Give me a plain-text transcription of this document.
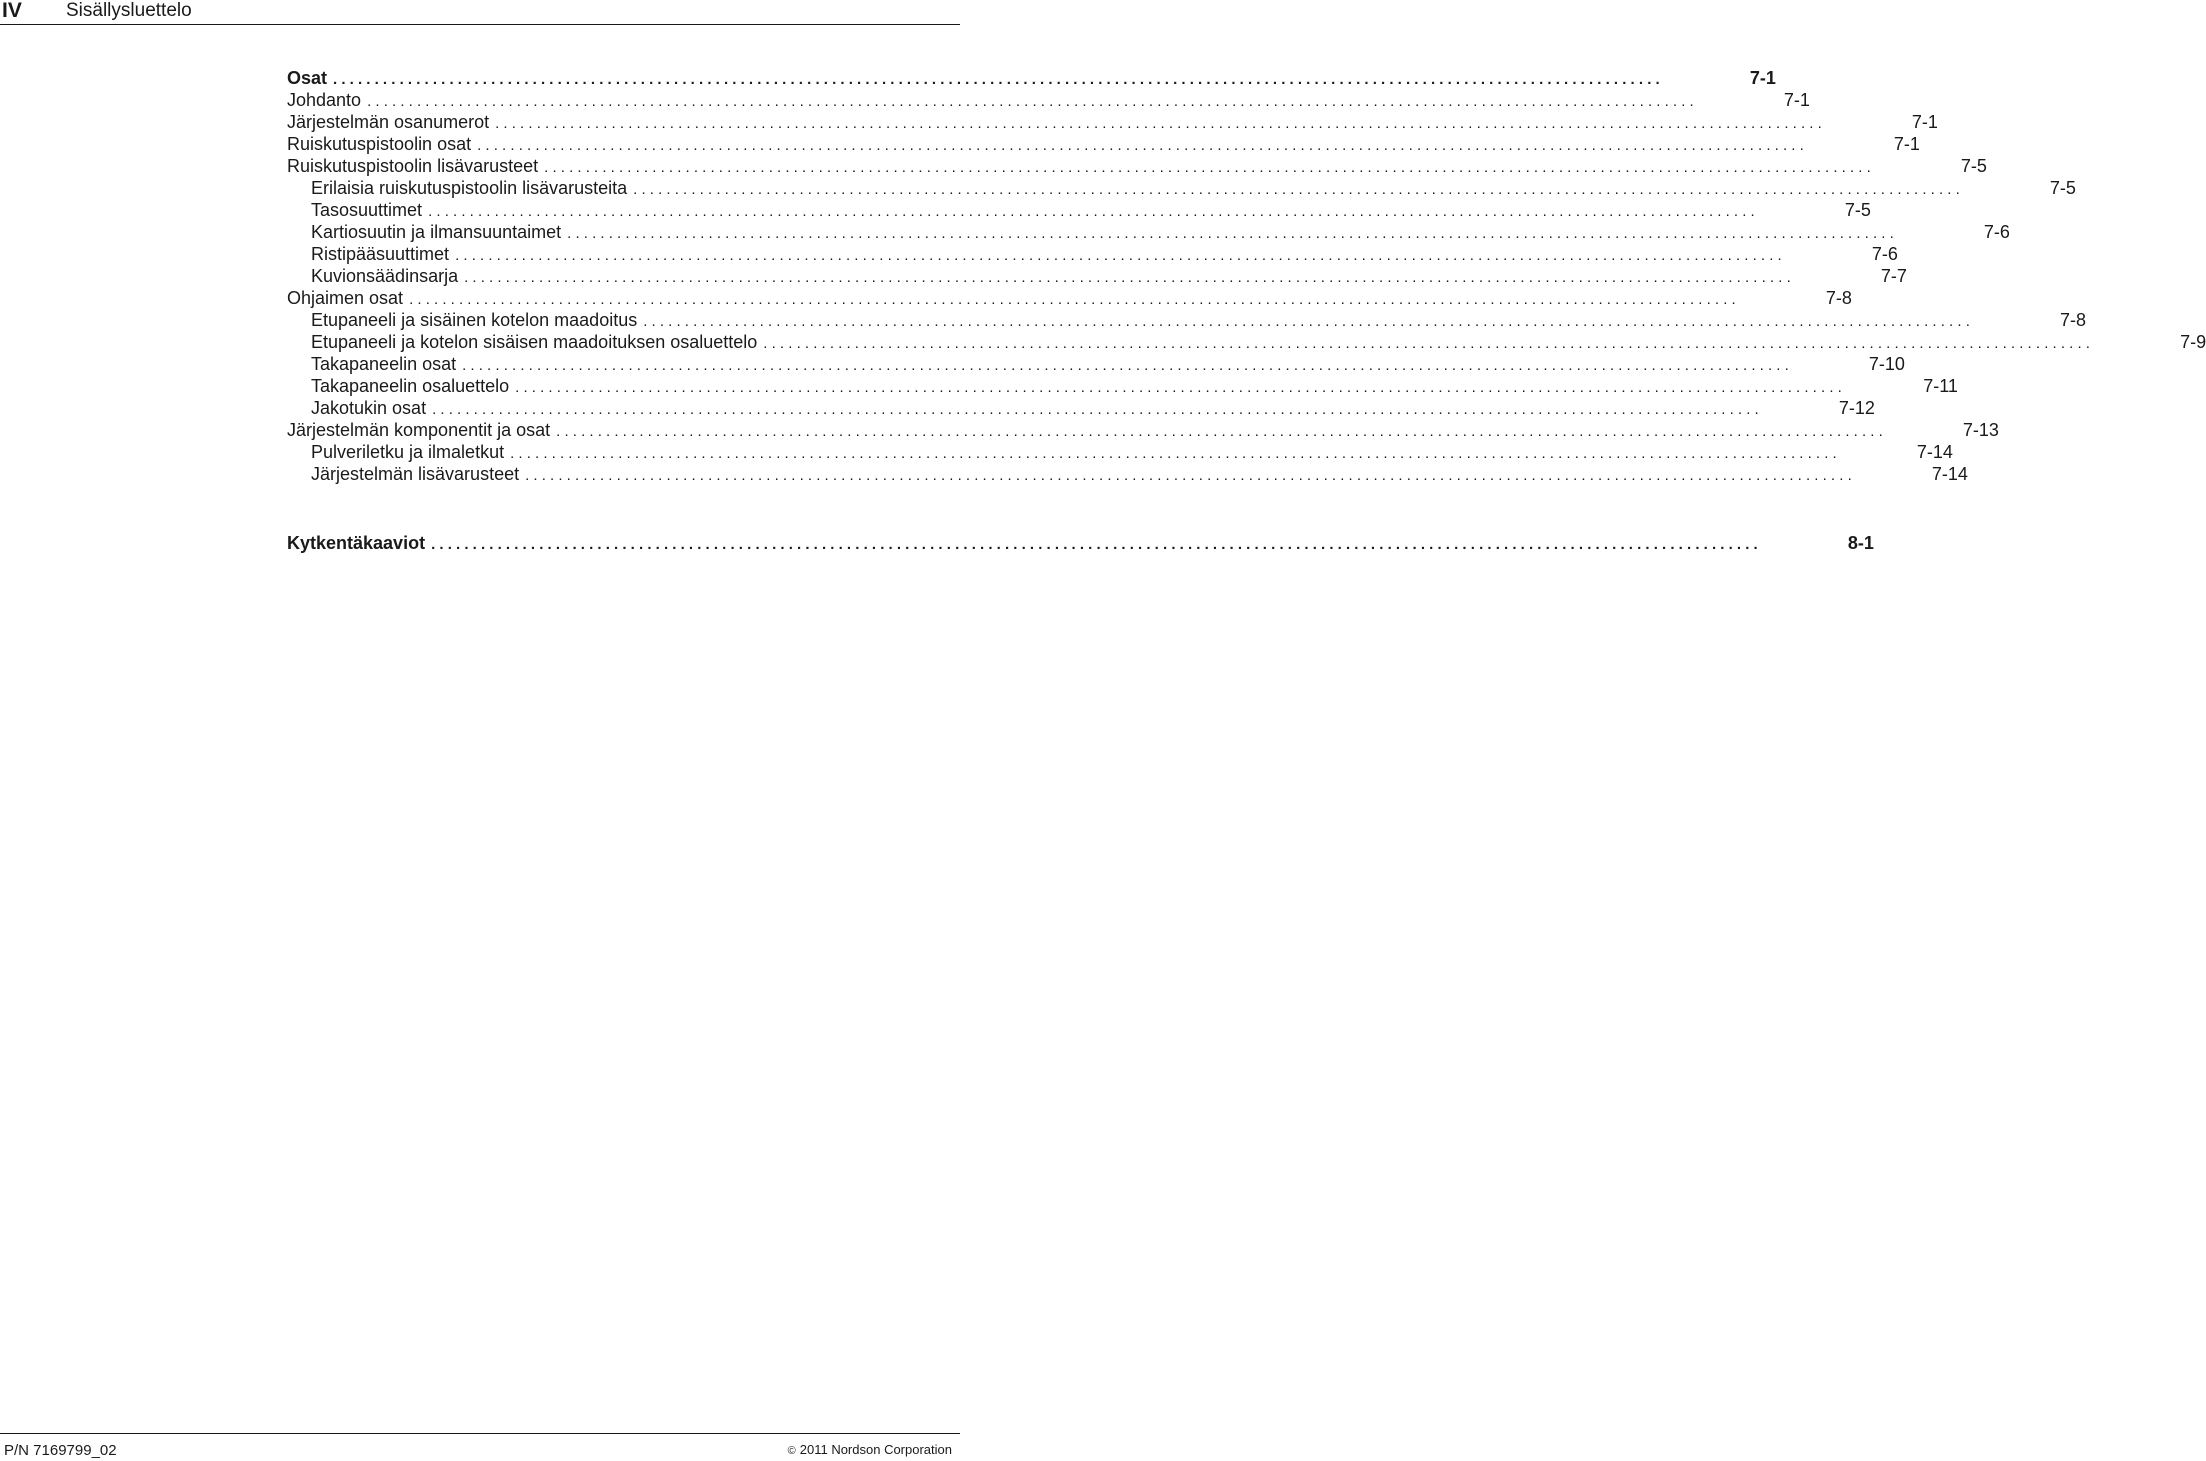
IV Sisällysluettelo
Osat ................................................................................................................................................................	7-1
Johdanto ................................................................................................................................................................	7-1
Järjestelmän osanumerot ................................................................................................................................................................	7-1
Ruiskutuspistoolin osat ................................................................................................................................................................	7-1
Ruiskutuspistoolin lisävarusteet ................................................................................................................................................................	7-5
Erilaisia ruiskutuspistoolin lisävarusteita ................................................................................................................................................................	7-5
Tasosuuttimet ................................................................................................................................................................	7-5
Kartiosuutin ja ilmansuuntaimet ................................................................................................................................................................	7-6
Ristipääsuuttimet ................................................................................................................................................................	7-6
Kuvionsäädinsarja ................................................................................................................................................................	7-7
Ohjaimen osat ................................................................................................................................................................	7-8
Etupaneeli ja sisäinen kotelon maadoitus ................................................................................................................................................................	7-8
Etupaneeli ja kotelon sisäisen maadoituksen osaluettelo ................................................................................................................................................................	7-9
Takapaneelin osat ................................................................................................................................................................	7-10
Takapaneelin osaluettelo ................................................................................................................................................................	7-11
Jakotukin osat ................................................................................................................................................................	7-12
Järjestelmän komponentit ja osat ................................................................................................................................................................	7-13
Pulveriletku ja ilmaletkut ................................................................................................................................................................	7-14
Järjestelmän lisävarusteet ................................................................................................................................................................	7-14
Kytkentäkaaviot ................................................................................................................................................................	8-1
P/N 7169799_02	© 2011 Nordson Corporation
